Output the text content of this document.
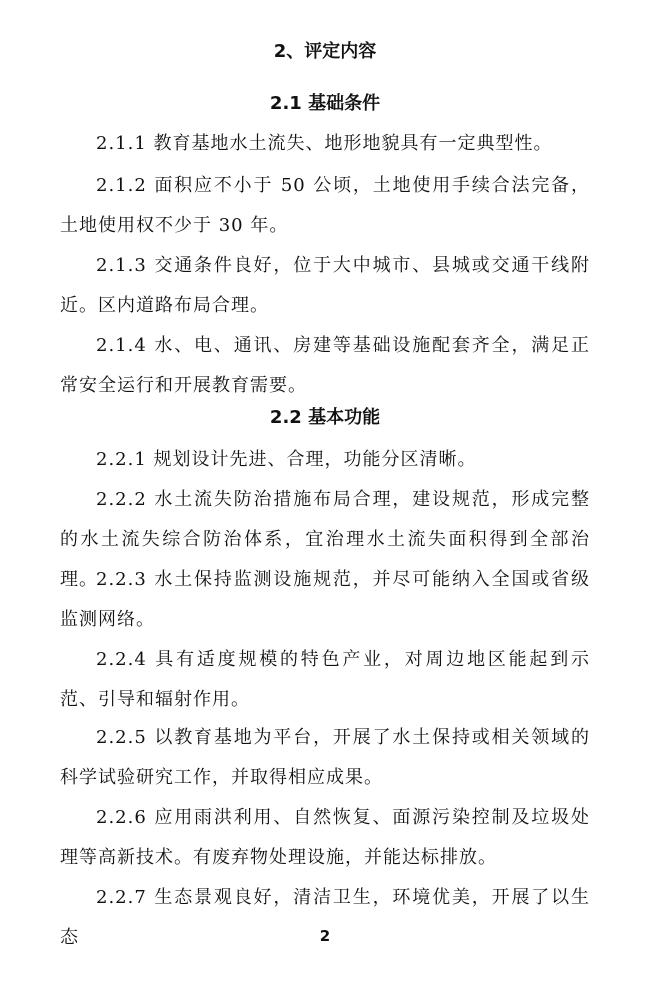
2、评定内容
2.1 基础条件

2.1.1 教育基地水土流失、地形地貌具有一定典型性。

2.1.2 面积应不小于 50 公顷，土地使用手续合法完备，土地使用权不少于 30 年。

2.1.3 交通条件良好，位于大中城市、县城或交通干线附近。区内道路布局合理。

2.1.4 水、电、通讯、房建等基础设施配套齐全，满足正常安全运行和开展教育需要。

2.2 基本功能

2.2.1 规划设计先进、合理，功能分区清晰。

2.2.2 水土流失防治措施布局合理，建设规范，形成完整的水土流失综合防治体系，宜治理水土流失面积得到全部治理。

2.2.3 水土保持监测设施规范，并尽可能纳入全国或省级监测网络。

2.2.4 具有适度规模的特色产业，对周边地区能起到示范、引导和辐射作用。

2.2.5 以教育基地为平台，开展了水土保持或相关领域的科学试验研究工作，并取得相应成果。

2.2.6 应用雨洪利用、自然恢复、面源污染控制及垃圾处理等高新技术。有废弃物处理设施，并能达标排放。

2.2.7 生态景观良好，清洁卫生，环境优美，开展了以生态	2
